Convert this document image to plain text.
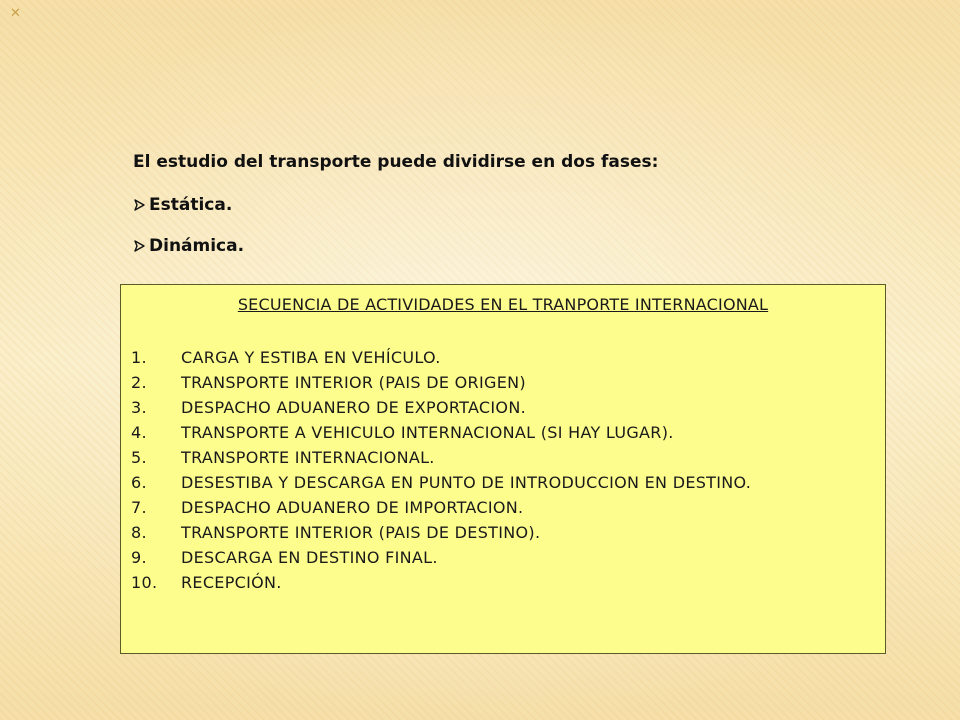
✕
El estudio del transporte puede dividirse en dos fases:
Estática.
Dinámica.
SECUENCIA DE ACTIVIDADES EN EL TRANPORTE INTERNACIONAL
1.	CARGA Y ESTIBA EN VEHÍCULO.
2.	TRANSPORTE INTERIOR (PAIS DE ORIGEN)
3.	DESPACHO ADUANERO DE EXPORTACION.
4.	TRANSPORTE A VEHICULO INTERNACIONAL (SI HAY LUGAR).
5.	TRANSPORTE INTERNACIONAL.
6.	DESESTIBA Y DESCARGA EN PUNTO DE INTRODUCCION EN DESTINO.
7.	DESPACHO ADUANERO DE IMPORTACION.
8.	TRANSPORTE INTERIOR (PAIS DE DESTINO).
9.	DESCARGA EN DESTINO FINAL.
10.	RECEPCIÓN.
